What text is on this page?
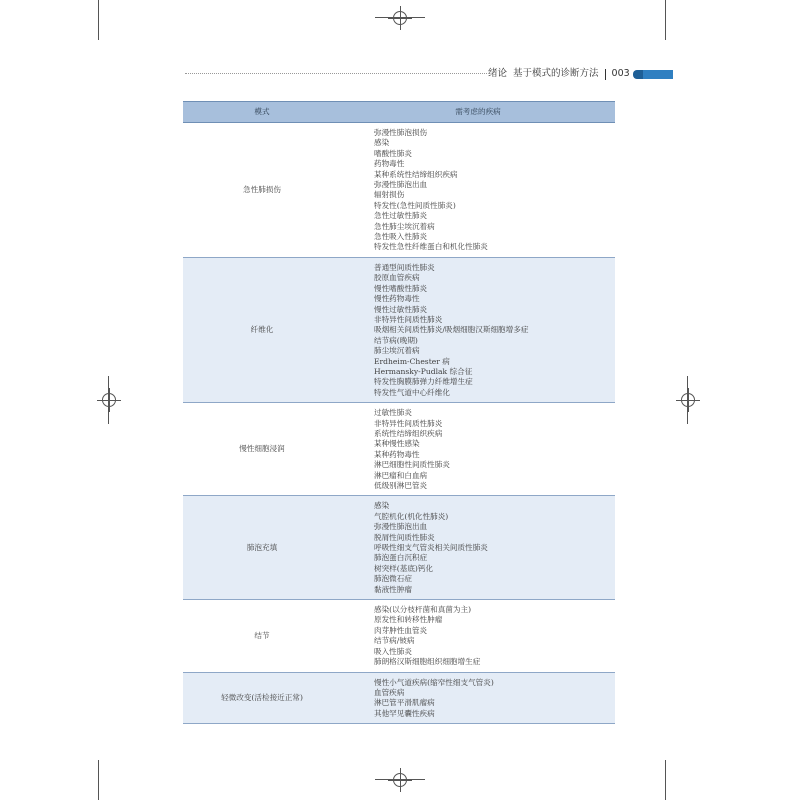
绪论 基于模式的诊断方法 003
模式	需考虑的疾病
急性肺损伤
弥漫性肺泡损伤
感染
嗜酸性肺炎
药物毒性
某种系统性结缔组织疾病
弥漫性肺泡出血
辐射损伤
特发性(急性间质性肺炎)
急性过敏性肺炎
急性肺尘埃沉着病
急性吸入性肺炎
特发性急性纤维蛋白和机化性肺炎
纤维化
普通型间质性肺炎
胶原血管疾病
慢性嗜酸性肺炎
慢性药物毒性
慢性过敏性肺炎
非特异性间质性肺炎
吸烟相关间质性肺炎/吸烟细胞汉斯细胞增多症
结节病(晚期)
肺尘埃沉着病
Erdheim-Chester 病
Hermansky-Pudlak 综合征
特发性胸膜肺弹力纤维增生症
特发性气道中心纤维化
慢性细胞浸润
过敏性肺炎
非特异性间质性肺炎
系统性结缔组织疾病
某种慢性感染
某种药物毒性
淋巴细胞性间质性肺炎
淋巴瘤和白血病
低级别淋巴管炎
肺泡充填
感染
气腔机化(机化性肺炎)
弥漫性肺泡出血
脱屑性间质性肺炎
呼吸性细支气管炎相关间质性肺炎
肺泡蛋白沉积症
树突样(基底)钙化
肺泡微石症
黏液性肿瘤
结节
感染(以分枝杆菌和真菌为主)
原发性和转移性肿瘤
肉芽肿性血管炎
结节病/铍病
吸入性肺炎
肺朗格汉斯细胞组织细胞增生症
轻微改变(活检接近正常)
慢性小气道疾病(缩窄性细支气管炎)
血管疾病
淋巴管平滑肌瘤病
其他罕见囊性疾病
